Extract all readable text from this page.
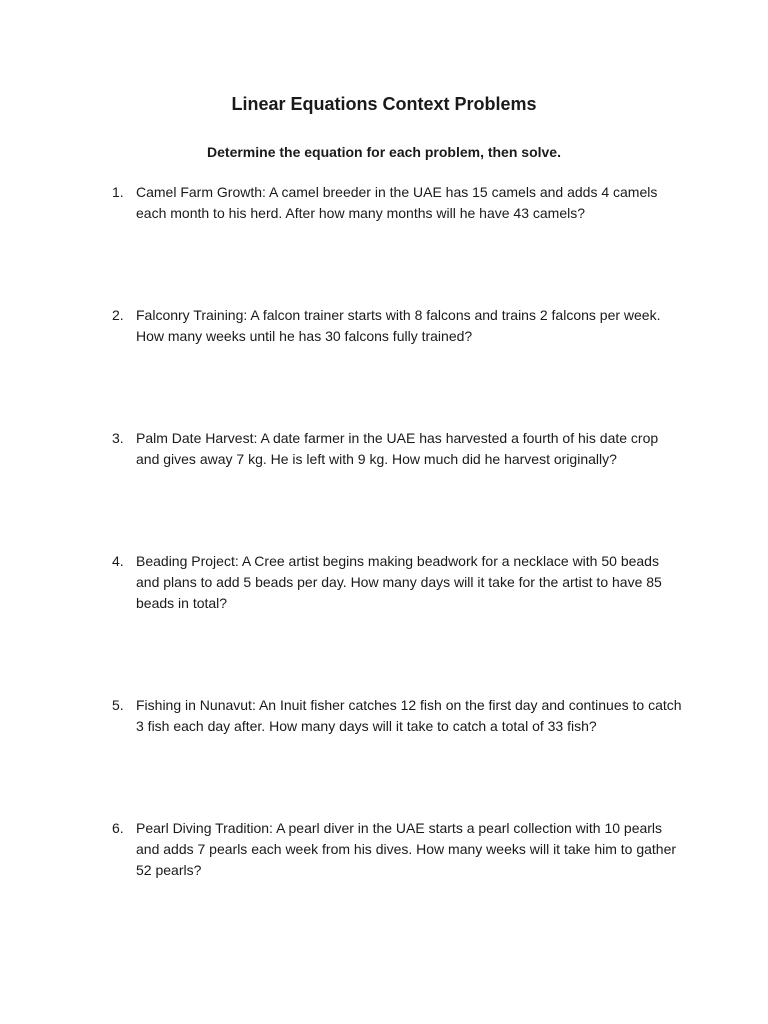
Linear Equations Context Problems

Determine the equation for each problem, then solve.

1. Camel Farm Growth: A camel breeder in the UAE has 15 camels and adds 4 camels each month to his herd. After how many months will he have 43 camels?
2. Falconry Training: A falcon trainer starts with 8 falcons and trains 2 falcons per week. How many weeks until he has 30 falcons fully trained?
3. Palm Date Harvest: A date farmer in the UAE has harvested a fourth of his date crop and gives away 7 kg. He is left with 9 kg. How much did he harvest originally?
4. Beading Project: A Cree artist begins making beadwork for a necklace with 50 beads and plans to add 5 beads per day. How many days will it take for the artist to have 85 beads in total?
5. Fishing in Nunavut: An Inuit fisher catches 12 fish on the first day and continues to catch 3 fish each day after. How many days will it take to catch a total of 33 fish?
6. Pearl Diving Tradition: A pearl diver in the UAE starts a pearl collection with 10 pearls and adds 7 pearls each week from his dives. How many weeks will it take him to gather 52 pearls?
